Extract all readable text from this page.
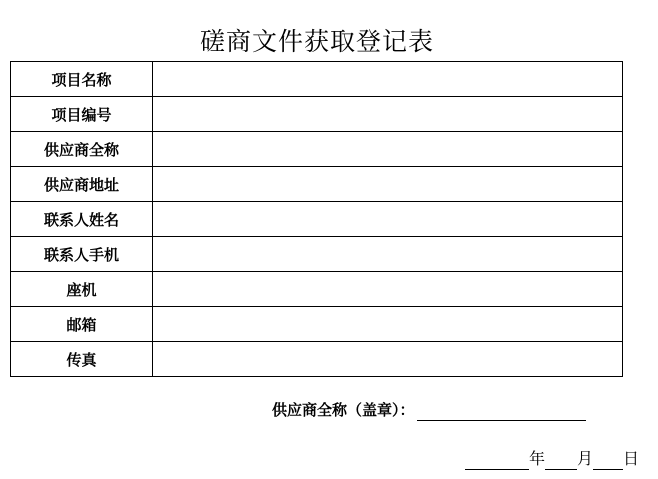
磋商文件获取登记表
项目名称	
项目编号	
供应商全称	
供应商地址	
联系人姓名	
联系人手机	
座机	
邮箱	
传真	
供应商全称（盖章）：
年 月 日
